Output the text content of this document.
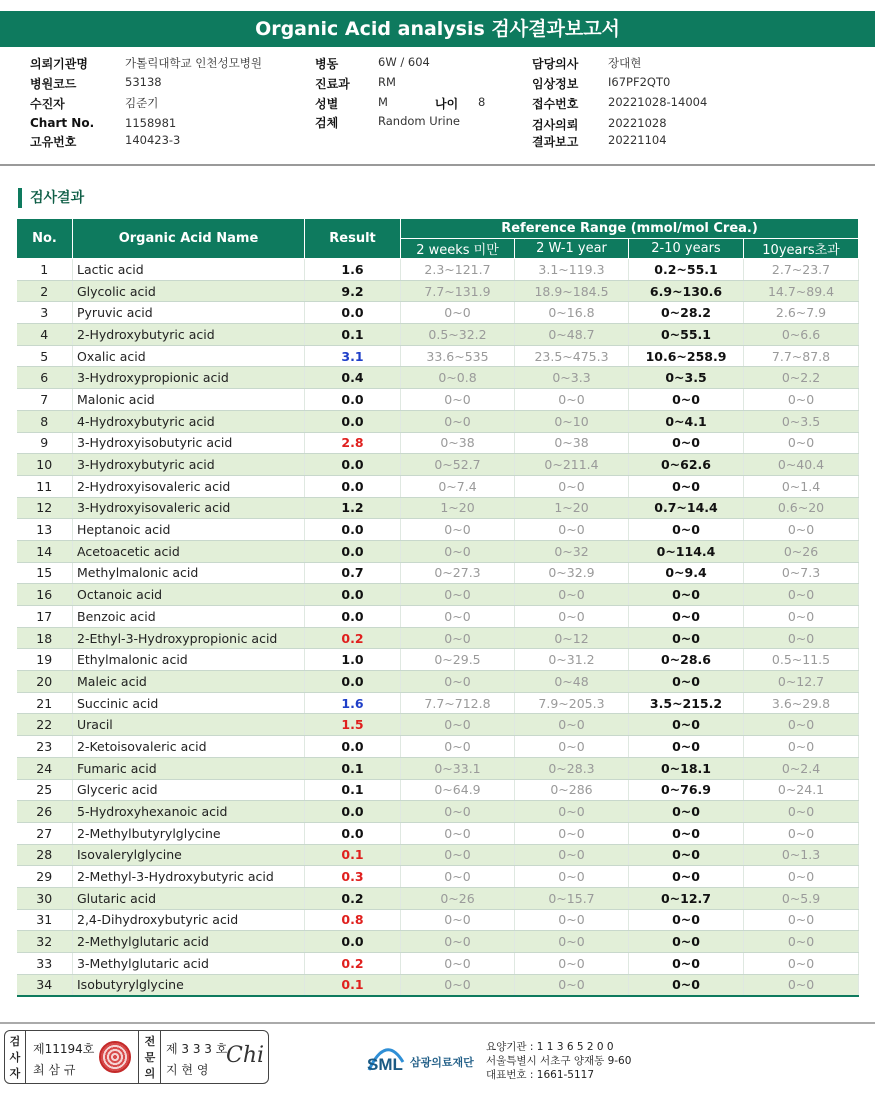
Organic Acid analysis 검사결과보고서
의뢰기관명	가톨릭대학교 인천성모병원
병원코드	53138
수진자	김준기
Chart No.	1158981
고유번호	140423-3
병동	6W / 604
진료과 RM
성별	M	나이 8
검체	Random Urine
담당의사	장대현
임상정보	I67PF2QT0
접수번호	20221028-14004
검사의뢰	20221028
결과보고	20221104
검사결과
No.	Organic Acid Name	Result	Reference Range (mmol/mol Crea.)			
			2 weeks 미만	2 W-1 year	2-10 years	10years초과
1	Lactic acid	1.6	2.3~121.7	3.1~119.3	0.2~55.1	2.7~23.7
2	Glycolic acid	9.2	7.7~131.9	18.9~184.5	6.9~130.6	14.7~89.4
3	Pyruvic acid	0.0	0~0	0~16.8	0~28.2	2.6~7.9
4	2-Hydroxybutyric acid	0.1	0.5~32.2	0~48.7	0~55.1	0~6.6
5	Oxalic acid	3.1	33.6~535	23.5~475.3	10.6~258.9	7.7~87.8
6	3-Hydroxypropionic acid	0.4	0~0.8	0~3.3	0~3.5	0~2.2
7	Malonic acid	0.0	0~0	0~0	0~0	0~0
8	4-Hydroxybutyric acid	0.0	0~0	0~10	0~4.1	0~3.5
9	3-Hydroxyisobutyric acid	2.8	0~38	0~38	0~0	0~0
10	3-Hydroxybutyric acid	0.0	0~52.7	0~211.4	0~62.6	0~40.4
11	2-Hydroxyisovaleric acid	0.0	0~7.4	0~0	0~0	0~1.4
12	3-Hydroxyisovaleric acid	1.2	1~20	1~20	0.7~14.4	0.6~20
13	Heptanoic acid	0.0	0~0	0~0	0~0	0~0
14	Acetoacetic acid	0.0	0~0	0~32	0~114.4	0~26
15	Methylmalonic acid	0.7	0~27.3	0~32.9	0~9.4	0~7.3
16	Octanoic acid	0.0	0~0	0~0	0~0	0~0
17	Benzoic acid	0.0	0~0	0~0	0~0	0~0
18	2-Ethyl-3-Hydroxypropionic acid	0.2	0~0	0~12	0~0	0~0
19	Ethylmalonic acid	1.0	0~29.5	0~31.2	0~28.6	0.5~11.5
20	Maleic acid	0.0	0~0	0~48	0~0	0~12.7
21	Succinic acid	1.6	7.7~712.8	7.9~205.3	3.5~215.2	3.6~29.8
22	Uracil	1.5	0~0	0~0	0~0	0~0
23	2-Ketoisovaleric acid	0.0	0~0	0~0	0~0	0~0
24	Fumaric acid	0.1	0~33.1	0~28.3	0~18.1	0~2.4
25	Glyceric acid	0.1	0~64.9	0~286	0~76.9	0~24.1
26	5-Hydroxyhexanoic acid	0.0	0~0	0~0	0~0	0~0
27	2-Methylbutyrylglycine	0.0	0~0	0~0	0~0	0~0
28	Isovalerylglycine	0.1	0~0	0~0	0~0	0~1.3
29	2-Methyl-3-Hydroxybutyric acid	0.3	0~0	0~0	0~0	0~0
30	Glutaric acid	0.2	0~26	0~15.7	0~12.7	0~5.9
31	2,4-Dihydroxybutyric acid	0.8	0~0	0~0	0~0	0~0
32	2-Methylglutaric acid	0.0	0~0	0~0	0~0	0~0
33	3-Methylglutaric acid	0.2	0~0	0~0	0~0	0~0
34	Isobutyrylglycine	0.1	0~0	0~0	0~0	0~0
검사자
제11194호
최 삼 규
전문의
제 3 3 3 호
지 현 영
Chi	SML 삼광의료재단
요양기관 : 1 1 3 6 5 2 0 0
서울특별시 서초구 양재동 9-60
대표번호 : 1661-5117
